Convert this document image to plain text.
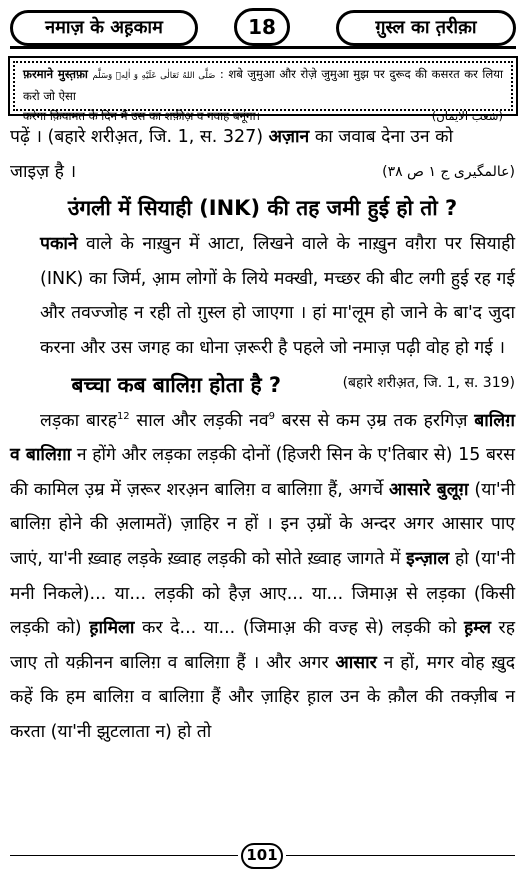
नमाज़ के अह़काम	18	ग़ुस्ल का त़रीक़ा
फ़रमाने मुस्त़फ़ा صَلَّى اللهُ تَعَالٰى عَلَيْهِ وَ اٰلِهٖ وَسَلَّم : शबे जुमुआ और रोज़े जुमुआ मुझ पर दुरूद की कसरत कर लिया करो जो ऐसा
करेगा क़ियामत के दिन मैं उस का शफ़ीअ़ व गवाह बनूंगा।	(شعب الایمان)

पढ़ें । (बहारे शरीअ़त, जि. 1, स. 327) अज़ान का जवाब देना उन को
जाइज़ है ।	(عالمگیری ج ۱ ص ۳۸)

उंगली में सियाही (INK) की तह जमी हुई हो तो ?

पकाने वाले के नाख़ुन में आटा, लिखने वाले के नाख़ुन वग़ैरा पर सियाही (INK) का जिर्म, आ़म लोगों के लिये मक्खी, मच्छर की बीट लगी हुई रह गई और तवज्जोह न रही तो ग़ुस्ल हो जाएगा । हां मा'लूम हो जाने के बा'द जुदा करना और उस जगह का धोना ज़रूरी है पहले जो नमाज़ पढ़ी वोह हो गई ।
(बहारे शरीअ़त, जि. 1, स. 319)

बच्चा कब बालिग़ होता है ?

लड़का बारह$^{12}$ साल और लड़की नव$^9$ बरस से कम उ़म्र तक हरगिज़ बालिग़ व बालिग़ा न होंगे और लड़का लड़की दोनों (हिजरी सिन के ए'तिबार से) 15 बरस की कामिल उ़म्र में ज़रूर शरअ़न बालिग़ व बालिग़ा हैं, अगर्चे आसारे बुलूग़ (या'नी बालिग़ होने की अ़लामतें) ज़ाहिर न हों । इन उ़म्रों के अन्दर अगर आसार पाए जाएं, या'नी ख़्वाह लड़के ख़्वाह लड़की को सोते ख़्वाह जागते में इन्ज़ाल हो (या'नी मनी निकले)... या... लड़की को हैज़ आए... या... जिमाअ़ से लड़का (किसी लड़की को) ह़ामिला कर दे... या... (जिमाअ़ की वज्ह से) लड़की को ह़म्ल रह जाए तो यक़ीनन बालिग़ व बालिग़ा हैं । और अगर आसार न हों, मगर वोह ख़ुद कहें कि हम बालिग़ व बालिग़ा हैं और ज़ाहिर ह़ाल उन के क़ौल की तक्ज़ीब न करता (या'नी झुटलाता न) हो तो

101
